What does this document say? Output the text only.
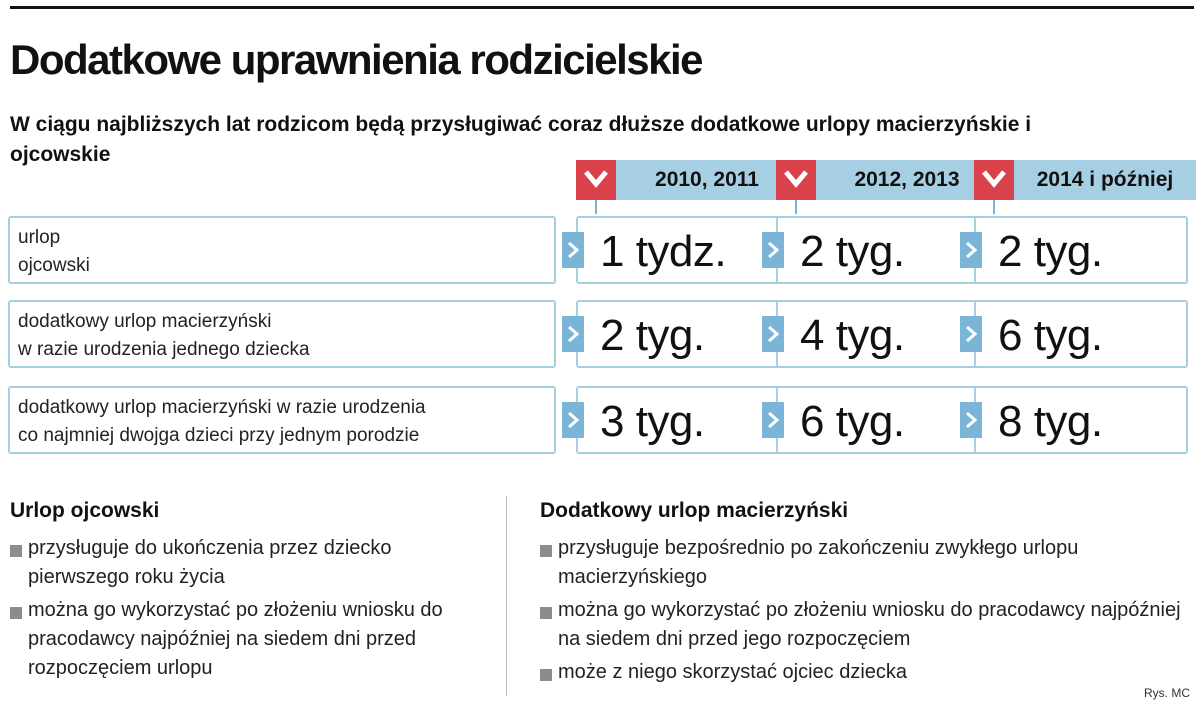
Dodatkowe uprawnienia rodzicielskie

W ciągu najbliższych lat rodzicom będą przysługiwać coraz dłuższe dodatkowe urlopy macierzyńskie i ojcowskie

2010, 2011	2012, 2013	2014 i później
urlop
ojcowski	1 tydz. 2 tyg. 2 tyg.
dodatkowy urlop macierzyński
w razie urodzenia jednego dziecka	2 tyg. 4 tyg. 6 tyg.
dodatkowy urlop macierzyński w razie urodzenia
co najmniej dwojga dzieci przy jednym porodzie	3 tyg. 6 tyg. 8 tyg.
Urlop ojcowski
przysługuje do ukończenia przez dziecko pierwszego roku życia
można go wykorzystać po złożeniu wniosku do pracodawcy najpóźniej na siedem dni przed rozpoczęciem urlopu
Dodatkowy urlop macierzyński
przysługuje bezpośrednio po zakończeniu zwykłego urlopu macierzyńskiego
można go wykorzystać po złożeniu wniosku do pracodawcy najpóźniej na siedem dni przed jego rozpoczęciem
może z niego skorzystać ojciec dziecka
Rys. MC
